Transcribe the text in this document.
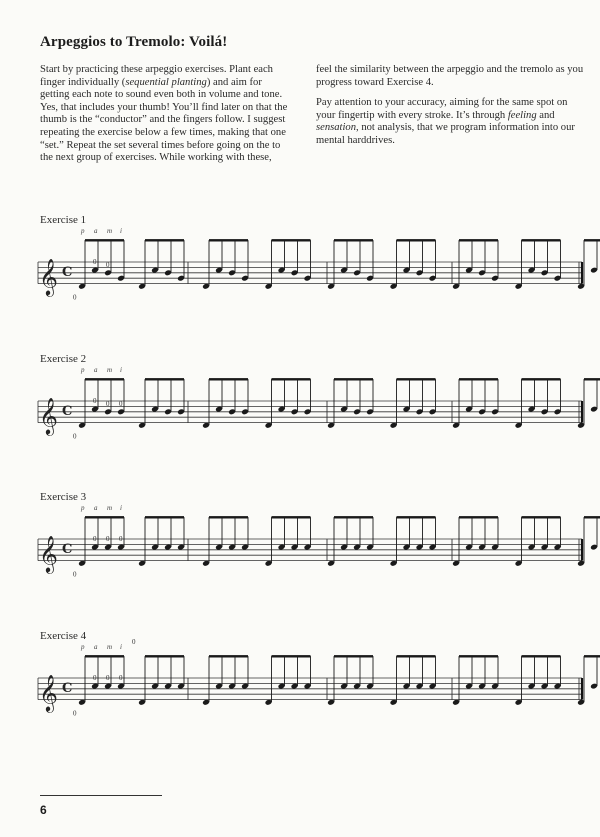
Arpeggios to Tremolo: Voilá!

Start by practicing these arpeggio exercises. Plant each finger individually (sequential planting) and aim for getting each note to sound even both in volume and tone. Yes, that includes your thumb! You’ll find later on that the thumb is the “conductor” and the fingers follow. I suggest repeating the exercise below a few times, making that one “set.” Repeat the set several times before going on the to the next group of exercises. While working with these,

feel the similarity between the arpeggio and the tremolo as you progress toward Exercise 4.

Pay attention to your accuracy, aiming for the same spot on your fingertip with every stroke. It’s through feeling and sensation, not analysis, that we program information into our mental harddrives.

Exercise 1
𝄞 C
p a m i
0 0
0
Exercise 2
𝄞 C
p a m i
0 0 0
0
Exercise 3
𝄞 C
p a m i
0 0 0
0
Exercise 4
𝄞 C
p a m i
0 0 0
0
0
6
